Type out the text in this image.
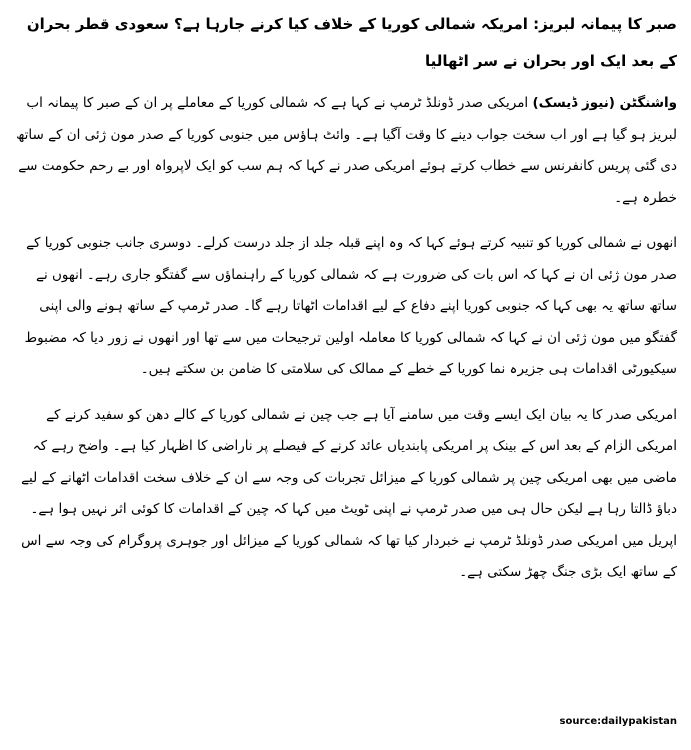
صبر کا پیمانہ لبریز: امریکہ شمالی کوریا کے خلاف کیا کرنے جارہا ہے؟ سعودی قطر بحران کے بعد ایک اور بحران نے سر اٹھالیا
واشنگٹن (نیوز ڈیسک) امریکی صدر ڈونلڈ ٹرمپ نے کہا ہے کہ شمالی کوریا کے معاملے پر ان کے صبر کا پیمانہ اب لبریز ہو گیا ہے اور اب سخت جواب دینے کا وقت آگیا ہے۔ وائٹ ہاؤس میں جنوبی کوریا کے صدر مون ژئی ان کے ساتھ دی گئی پریس کانفرنس سے خطاب کرتے ہوئے امریکی صدر نے کہا کہ ہم سب کو ایک لاپرواہ اور بے رحم حکومت سے خطرہ ہے۔
انھوں نے شمالی کوریا کو تنبیہ کرتے ہوئے کہا کہ وہ اپنے قبلہ جلد از جلد درست کرلے۔ دوسری جانب جنوبی کوریا کے صدر مون ژئی ان نے کہا کہ اس بات کی ضرورت ہے کہ شمالی کوریا کے راہنماؤں سے گفتگو جاری رہے۔ انھوں نے ساتھ ساتھ یہ بھی کہا کہ جنوبی کوریا اپنے دفاع کے لیے اقدامات اٹھاتا رہے گا۔ صدر ٹرمپ کے ساتھ ہونے والی اپنی گفتگو میں مون ژئی ان نے کہا کہ شمالی کوریا کا معاملہ اولین ترجیحات میں سے تھا اور انھوں نے زور دیا کہ مضبوط سیکیورٹی اقدامات ہی جزیرہ نما کوریا کے خطے کے ممالک کی سلامتی کا ضامن بن سکتے ہیں۔
امریکی صدر کا یہ بیان ایک ایسے وقت میں سامنے آیا ہے جب چین نے شمالی کوریا کے کالے دھن کو سفید کرنے کے امریکی الزام کے بعد اس کے بینک پر امریکی پابندیاں عائد کرنے کے فیصلے پر ناراضی کا اظہار کیا ہے۔ واضح رہے کہ ماضی میں بھی امریکی چین پر شمالی کوریا کے میزائل تجربات کی وجہ سے ان کے خلاف سخت اقدامات اٹھانے کے لیے دباؤ ڈالتا رہا ہے لیکن حال ہی میں صدر ٹرمپ نے اپنی ٹویٹ میں کہا کہ چین کے اقدامات کا کوئی اثر نہیں ہوا ہے۔ اپریل میں امریکی صدر ڈونلڈ ٹرمپ نے خبردار کیا تھا کہ شمالی کوریا کے میزائل اور جوہری پروگرام کی وجہ سے اس کے ساتھ ایک بڑی جنگ چھڑ سکتی ہے۔
source:dailypakistan
